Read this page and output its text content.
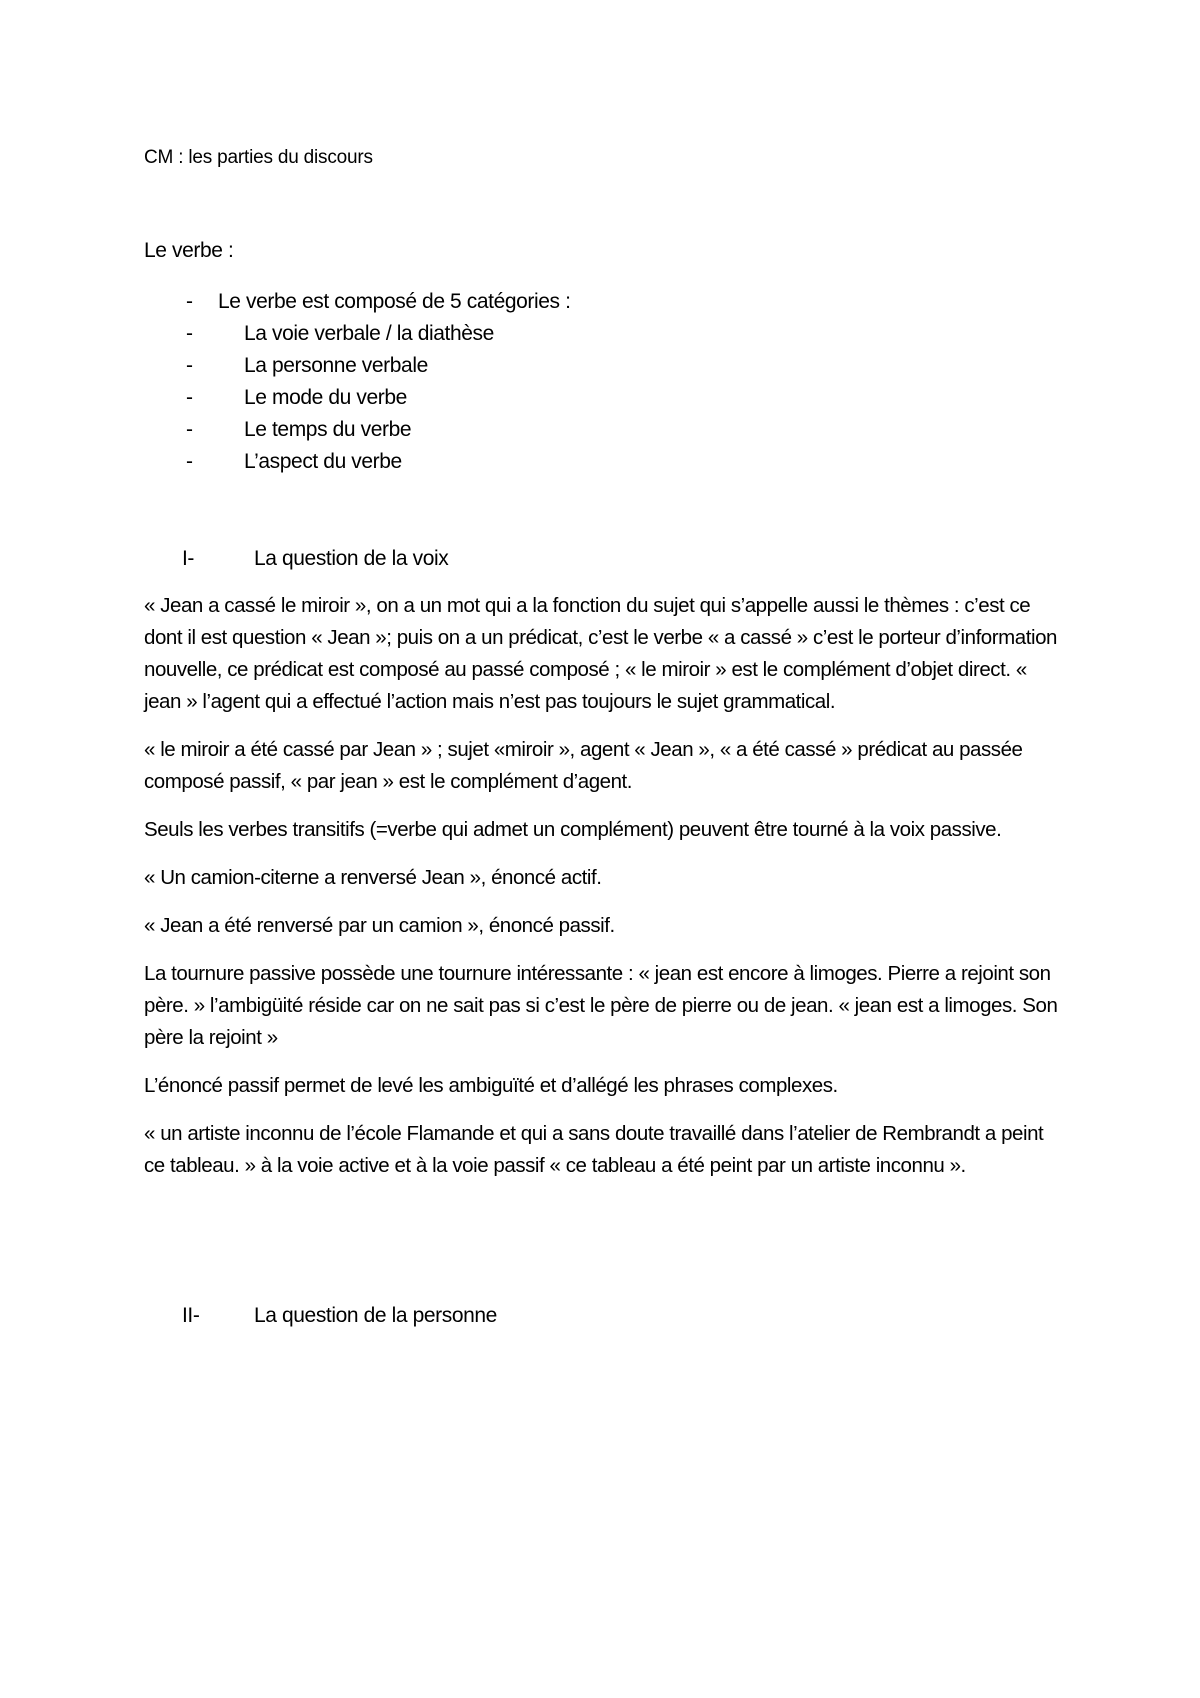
CM : les parties du discours
Le verbe :
- Le verbe est composé de 5 catégories :
- La voie verbale / la diathèse
- La personne verbale
- Le mode du verbe
- Le temps du verbe
- L’aspect du verbe
I-	La question de la voix

« Jean a cassé le miroir », on a un mot qui a la fonction du sujet qui s’appelle aussi le thèmes : c’est ce dont il est question « Jean »; puis on a un prédicat, c’est le verbe « a cassé » c’est le porteur d’information nouvelle, ce prédicat est composé au passé composé ; « le miroir » est le complément d’objet direct. « jean » l’agent qui a effectué l’action mais n’est pas toujours le sujet grammatical.

« le miroir a été cassé par Jean » ; sujet «miroir », agent « Jean », « a été cassé » prédicat au passée composé passif, « par jean » est le complément d’agent.

Seuls les verbes transitifs (=verbe qui admet un complément) peuvent être tourné à la voix passive.

« Un camion-citerne a renversé Jean », énoncé actif.

« Jean a été renversé par un camion », énoncé passif.

La tournure passive possède une tournure intéressante : « jean est encore à limoges. Pierre a rejoint son père. » l’ambigüité réside car on ne sait pas si c’est le père de pierre ou de jean. « jean est a limoges. Son père la rejoint »

L’énoncé passif permet de levé les ambiguïté et d’allégé les phrases complexes.

« un artiste inconnu de l’école Flamande et qui a sans doute travaillé dans l’atelier de Rembrandt a peint ce tableau. » à la voie active et à la voie passif « ce tableau a été peint par un artiste inconnu ».

II-	La question de la personne
